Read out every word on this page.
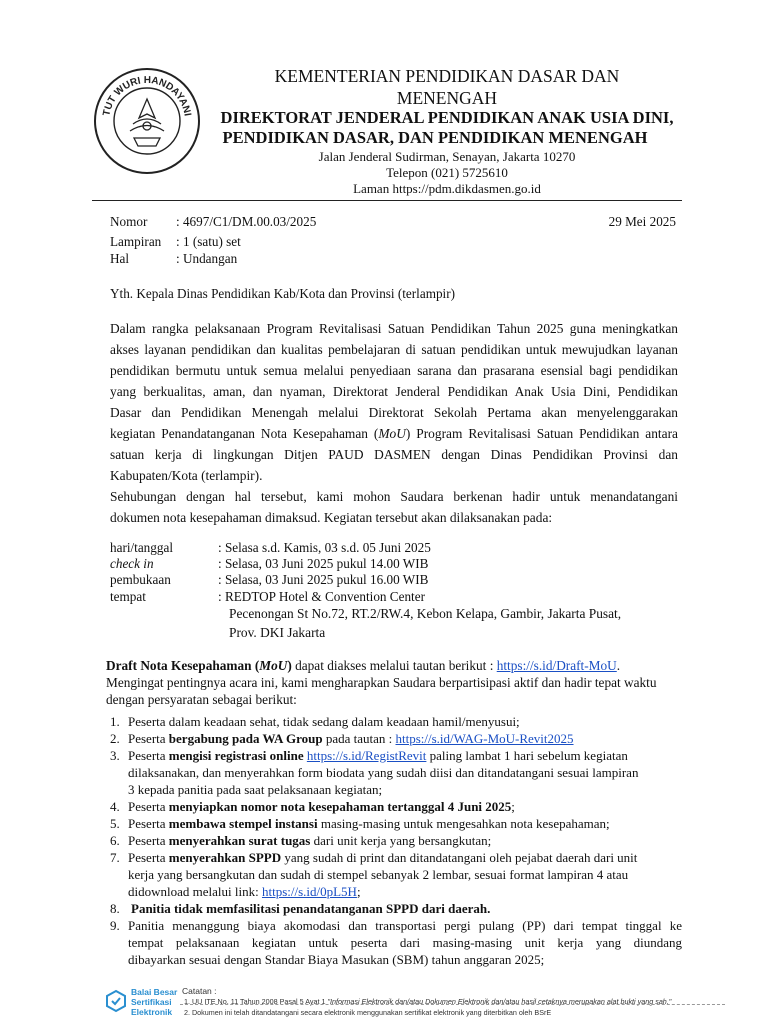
TUT WURI HANDAYANI
KEMENTERIAN PENDIDIKAN DASAR DAN
MENENGAH
DIREKTORAT JENDERAL PENDIDIKAN ANAK USIA DINI,
PENDIDIKAN DASAR, DAN PENDIDIKAN MENENGAH
Jalan Jenderal Sudirman, Senayan, Jakarta 10270
Telepon (021) 5725610
Laman https://pdm.dikdasmen.go.id
Nomor : 4697/C1/DM.00.03/2025	29 Mei 2025
Lampiran : 1 (satu) set
Hal	: Undangan
Yth. Kepala Dinas Pendidikan Kab/Kota dan Provinsi (terlampir)
Dalam rangka pelaksanaan Program Revitalisasi Satuan Pendidikan Tahun 2025 guna meningkatkan
akses layanan pendidikan dan kualitas pembelajaran di satuan pendidikan untuk mewujudkan layanan
pendidikan bermutu untuk semua melalui penyediaan sarana dan prasarana esensial bagi pendidikan
yang berkualitas, aman, dan nyaman, Direktorat Jenderal Pendidikan Anak Usia Dini, Pendidikan
Dasar dan Pendidikan Menengah melalui Direktorat Sekolah Pertama akan menyelenggarakan
kegiatan Penandatanganan Nota Kesepahaman (MoU) Program Revitalisasi Satuan Pendidikan antara
satuan kerja di lingkungan Ditjen PAUD DASMEN dengan Dinas Pendidikan Provinsi dan
Kabupaten/Kota (terlampir).
Sehubungan dengan hal tersebut, kami mohon Saudara berkenan hadir untuk menandatangani
dokumen nota kesepahaman dimaksud. Kegiatan tersebut akan dilaksanakan pada:
hari/tanggal	: Selasa s.d. Kamis, 03 s.d. 05 Juni 2025
check in	: Selasa, 03 Juni 2025 pukul 14.00 WIB
pembukaan	: Selasa, 03 Juni 2025 pukul 16.00 WIB
tempat	: REDTOP Hotel & Convention Center
Pecenongan St No.72, RT.2/RW.4, Kebon Kelapa, Gambir, Jakarta Pusat,
Prov. DKI Jakarta
Draft Nota Kesepahaman (MoU) dapat diakses melalui tautan berikut : https://s.id/Draft-MoU.
Mengingat pentingnya acara ini, kami mengharapkan Saudara berpartisipasi aktif dan hadir tepat waktu
dengan persyaratan sebagai berikut:
1. Peserta dalam keadaan sehat, tidak sedang dalam keadaan hamil/menyusui;
2. Peserta bergabung pada WA Group pada tautan : https://s.id/WAG-MoU-Revit2025
3. Peserta mengisi registrasi online https://s.id/RegistRevit paling lambat 1 hari sebelum kegiatan
dilaksanakan, dan menyerahkan form biodata yang sudah diisi dan ditandatangani sesuai lampiran
3 kepada panitia pada saat pelaksanaan kegiatan;
4. Peserta menyiapkan nomor nota kesepahaman tertanggal 4 Juni 2025;
5. Peserta membawa stempel instansi masing-masing untuk mengesahkan nota kesepahaman;
6. Peserta menyerahkan surat tugas dari unit kerja yang bersangkutan;
7. Peserta menyerahkan SPPD yang sudah di print dan ditandatangani oleh pejabat daerah dari unit
kerja yang bersangkutan dan sudah di stempel sebanyak 2 lembar, sesuai format lampiran 4 atau
didownload melalui link: https://s.id/0pL5H;
8. Panitia tidak memfasilitasi penandatanganan SPPD dari daerah.
9. Panitia menanggung biaya akomodasi dan transportasi pergi pulang (PP) dari tempat tinggal ke
tempat pelaksanaan kegiatan untuk peserta dari masing-masing unit kerja yang diundang
dibayarkan sesuai dengan Standar Biaya Masukan (SBM) tahun anggaran 2025;
Balai Besar
Sertifikasi
Elektronik
Catatan :
1. UU ITE No. 11 Tahun 2008 Pasal 5 Ayat 1 "Informasi Elektronik dan/atau Dokumen Elektronik dan/atau hasil cetaknya merupakan alat bukti yang sah."
2. Dokumen ini telah ditandatangani secara elektronik menggunakan sertifikat elektronik yang diterbitkan oleh BSrE
